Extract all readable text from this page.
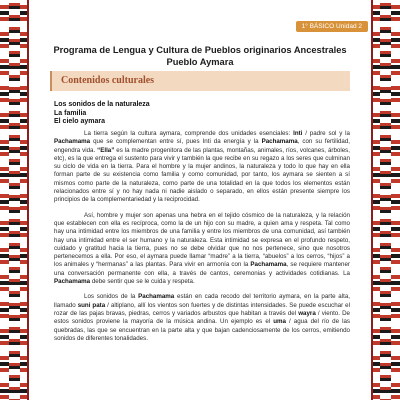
1° BÁSICO Unidad 2
Programa de Lengua y Cultura de Pueblos originarios Ancestrales
Pueblo Aymara
Contenidos culturales
Los sonidos de la naturaleza
La familia
El cielo aymara

La tierra según la cultura aymara, comprende dos unidades esenciales: Inti / padre sol y la Pachamama que se complementan entre sí, pues Inti da energía y la Pachamama, con su fertilidad, engendra vida. “Ella” es la madre progenitora de las plantas, montañas, animales, ríos, volcanes, árboles, etc), es la que entrega el sustento para vivir y también la que recibe en su regazo a los seres que culminan su ciclo de vida en la tierra. Para el hombre y la mujer andinos, la naturaleza y todo lo que hay en ella forman parte de su existencia como familia y como comunidad, por tanto, los aymara se sienten a sí mismos como parte de la naturaleza, como parte de una totalidad en la que todos los elementos están relacionados entre sí y no hay nada ni nadie aislado o separado, en ellos están presente siempre los principios de la complementariedad y la reciprocidad.

Así, hombre y mujer son apenas una hebra en el tejido cósmico de la naturaleza, y la relación que establecen con ella es recíproca, como la de un hijo con su madre, a quien ama y respeta. Tal como hay una intimidad entre los miembros de una familia y entre los miembros de una comunidad, así también hay una intimidad entre el ser humano y la naturaleza. Esta intimidad se expresa en el profundo respeto, cuidado y gratitud hacia la tierra, pues no se debe olvidar que no nos pertenece, sino que nosotros pertenecemos a ella. Por eso, el aymara puede llamar “madre” a la tierra, “abuelos” a los cerros, “hijos” a los animales y “hermanas” a las plantas. Para vivir en armonía con la Pachamama, se requiere mantener una conversación permanente con ella, a través de cantos, ceremonias y actividades cotidianas. La Pachamama debe sentir que se le cuida y respeta.

Los sonidos de la Pachamama están en cada recodo del territorio aymara, en la parte alta, llamado suni pata / altiplano, allí los vientos son fuertes y de distintas intensidades. Se puede escuchar el rozar de las pajas bravas, piedras, cerros y variados arbustos que habitan a través del wayra / viento. De estos sonidos proviene la mayoría de la música andina. Un ejemplo es el uma / agua del río de las quebradas, las que se encuentran en la parte alta y que bajan cadenciosamente de los cerros, emitiendo sonidos de diferentes tonalidades.
